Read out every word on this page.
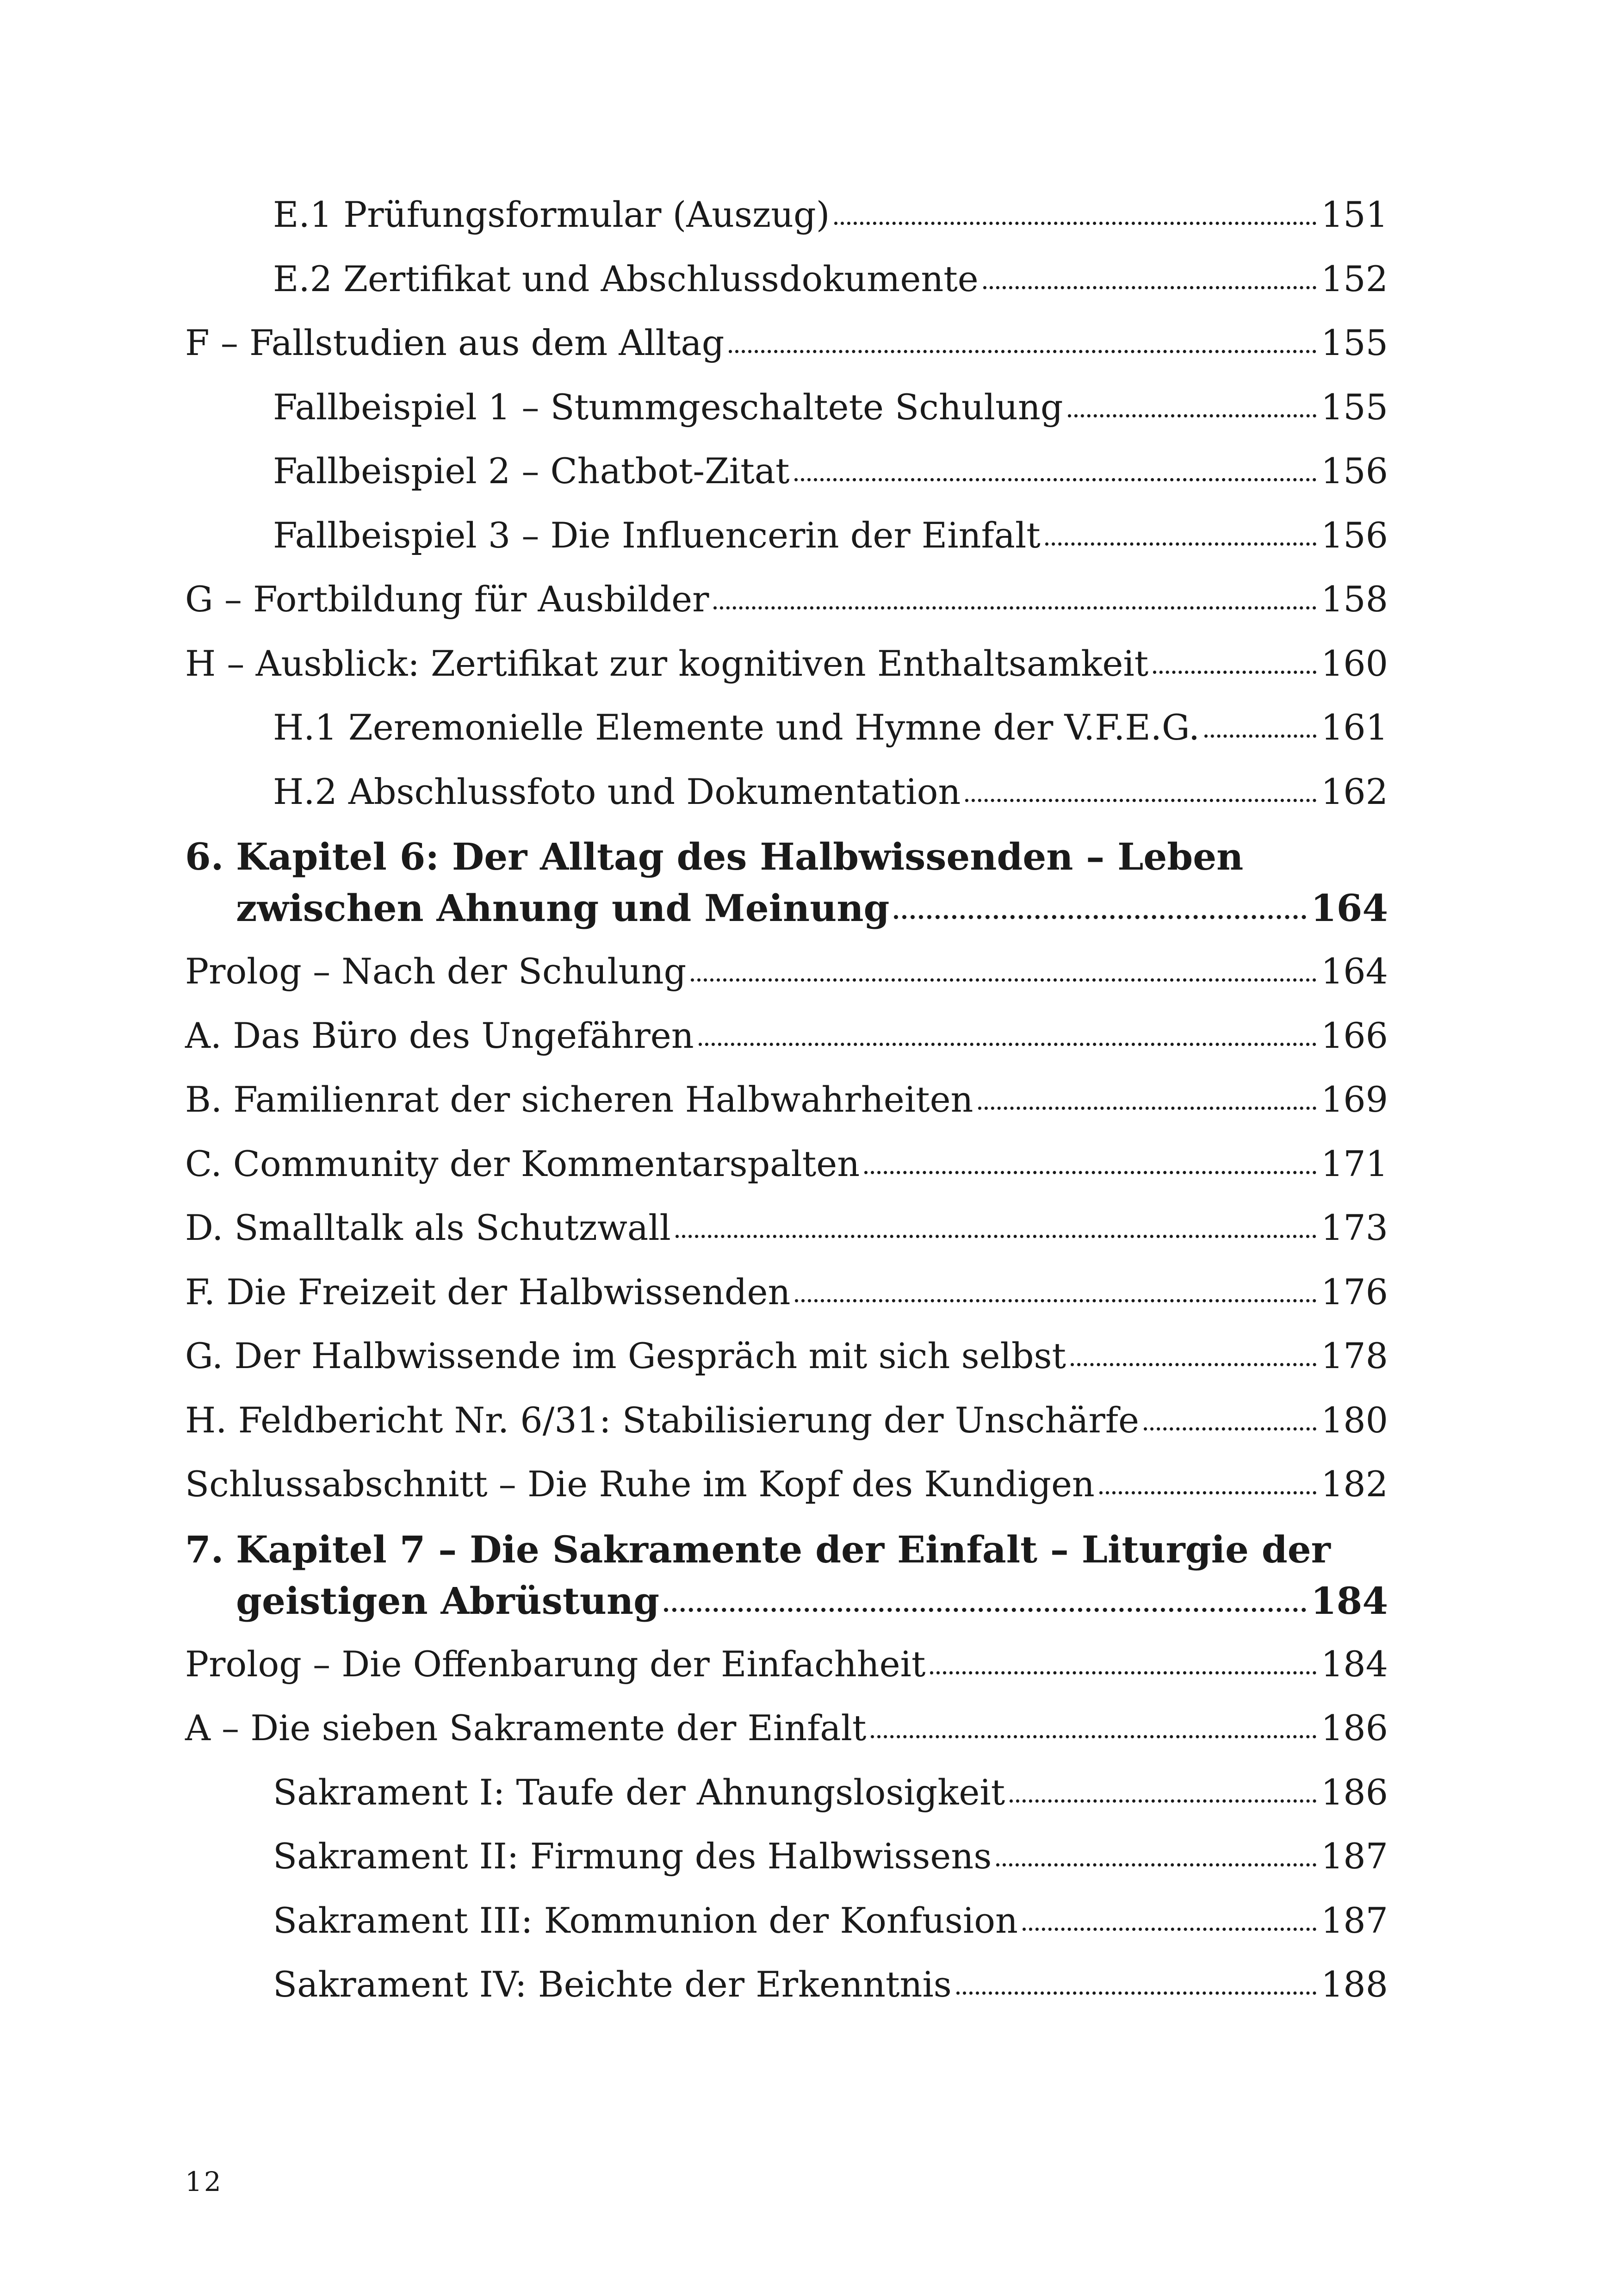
E.1 Prüfungsformular (Auszug)	151
E.2 Zertifikat und Abschlussdokumente	152
F – Fallstudien aus dem Alltag	155
Fallbeispiel 1 – Stummgeschaltete Schulung	155
Fallbeispiel 2 – Chatbot-Zitat	156
Fallbeispiel 3 – Die Influencerin der Einfalt	156
G – Fortbildung für Ausbilder	158
H – Ausblick: Zertifikat zur kognitiven Enthaltsamkeit	160
H.1 Zeremonielle Elemente und Hymne der V.F.E.G.	161
H.2 Abschlussfoto und Dokumentation	162
6. Kapitel 6: Der Alltag des Halbwissenden – Leben
zwischen Ahnung und Meinung	164
Prolog – Nach der Schulung	164
A. Das Büro des Ungefähren	166
B. Familienrat der sicheren Halbwahrheiten	169
C. Community der Kommentarspalten	171
D. Smalltalk als Schutzwall	173
F. Die Freizeit der Halbwissenden	176
G. Der Halbwissende im Gespräch mit sich selbst	178
H. Feldbericht Nr. 6/31: Stabilisierung der Unschärfe	180
Schlussabschnitt – Die Ruhe im Kopf des Kundigen	182
7. Kapitel 7 – Die Sakramente der Einfalt – Liturgie der
geistigen Abrüstung	184
Prolog – Die Offenbarung der Einfachheit	184
A – Die sieben Sakramente der Einfalt	186
Sakrament I: Taufe der Ahnungslosigkeit	186
Sakrament II: Firmung des Halbwissens	187
Sakrament III: Kommunion der Konfusion	187
Sakrament IV: Beichte der Erkenntnis	188
12
